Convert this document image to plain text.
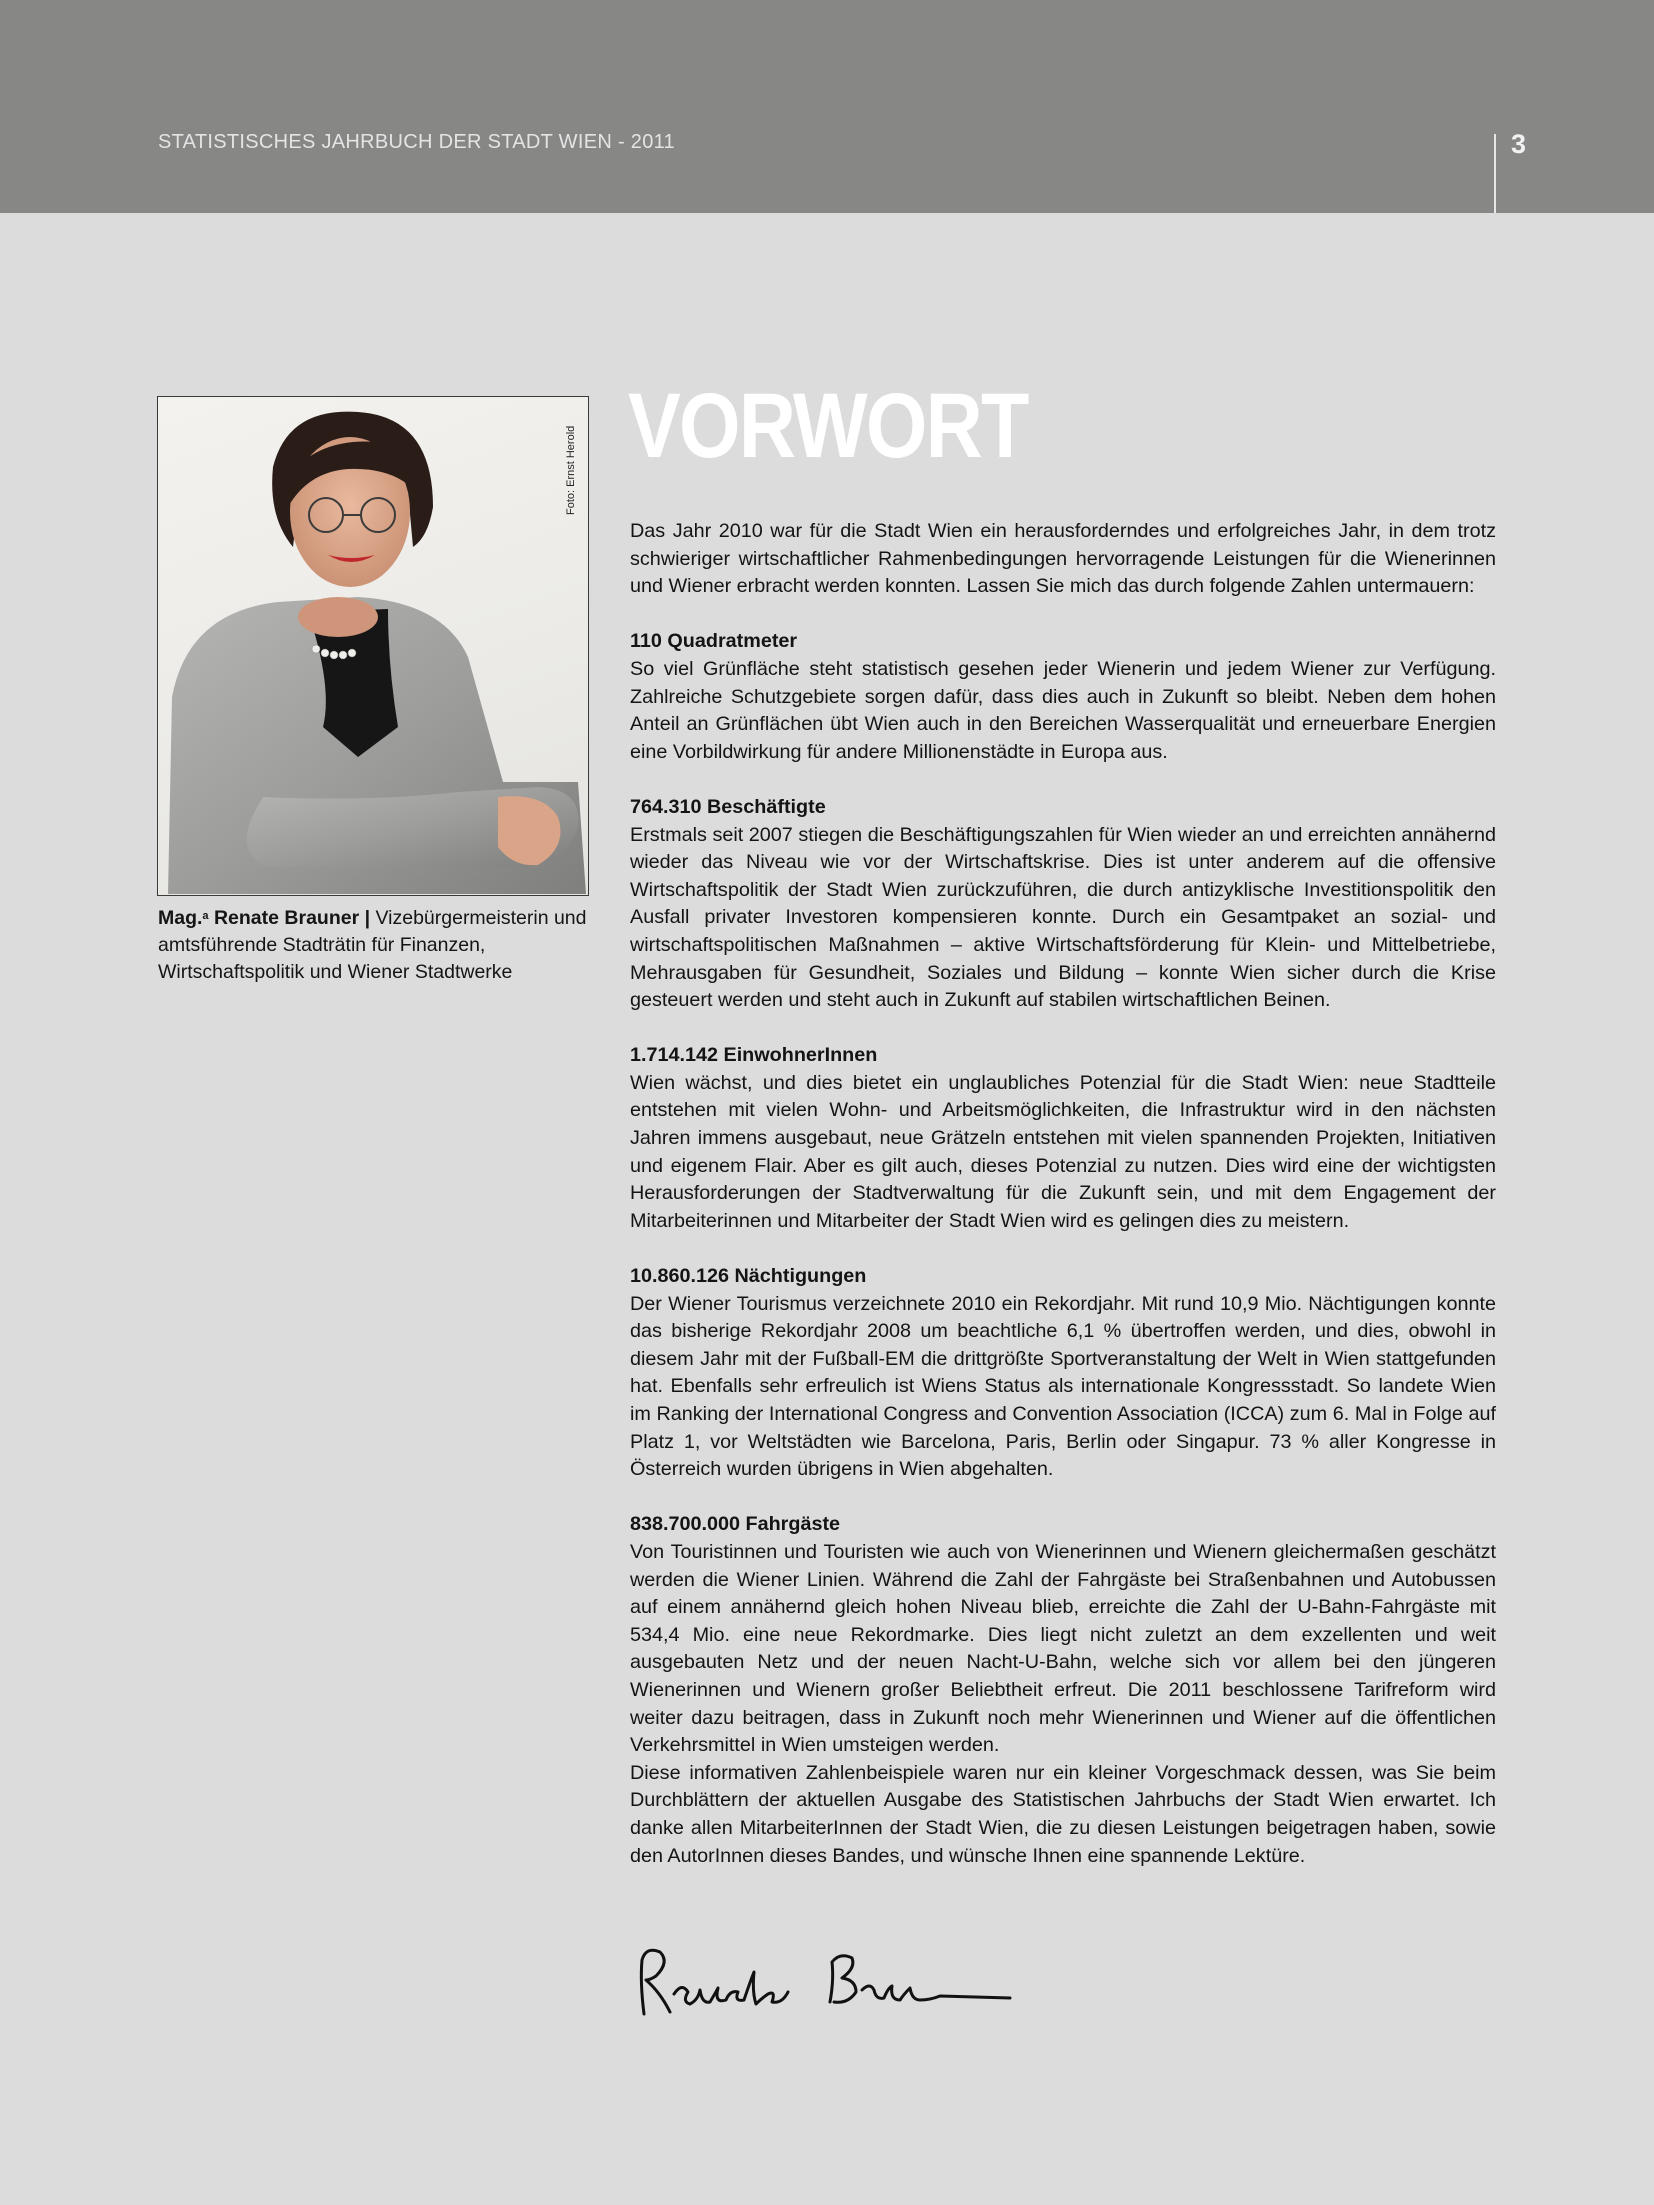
STATISTISCHES JAHRBUCH DER STADT WIEN - 2011	3
Foto: Ernst Herold
Mag.$^a$ Renate Brauner | Vizebürgermeisterin und amtsführende Stadträtin für Finanzen, Wirtschaftspolitik und Wiener Stadtwerke
VORWORT

Das Jahr 2010 war für die Stadt Wien ein herausforderndes und erfolgreiches Jahr, in dem trotz schwieriger wirtschaftlicher Rahmenbedingungen hervorragende Leistungen für die Wienerinnen und Wiener erbracht werden konnten. Lassen Sie mich das durch folgende Zahlen untermauern:

110 Quadratmeter

So viel Grünfläche steht statistisch gesehen jeder Wienerin und jedem Wiener zur Verfügung. Zahlreiche Schutzgebiete sorgen dafür, dass dies auch in Zukunft so bleibt. Neben dem hohen Anteil an Grünflächen übt Wien auch in den Bereichen Wasserqualität und erneuerbare Energien eine Vorbildwirkung für andere Millionenstädte in Europa aus.

764.310 Beschäftigte

Erstmals seit 2007 stiegen die Beschäftigungszahlen für Wien wieder an und erreichten annähernd wieder das Niveau wie vor der Wirtschaftskrise. Dies ist unter anderem auf die offensive Wirtschaftspolitik der Stadt Wien zurückzuführen, die durch antizyklische Investitionspolitik den Ausfall privater Investoren kompensieren konnte. Durch ein Gesamtpaket an sozial- und wirtschaftspolitischen Maßnahmen – aktive Wirtschaftsförderung für Klein- und Mittelbetriebe, Mehrausgaben für Gesundheit, Soziales und Bildung – konnte Wien sicher durch die Krise gesteuert werden und steht auch in Zukunft auf stabilen wirtschaftlichen Beinen.

1.714.142 EinwohnerInnen

Wien wächst, und dies bietet ein unglaubliches Potenzial für die Stadt Wien: neue Stadtteile entstehen mit vielen Wohn- und Arbeitsmöglichkeiten, die Infrastruktur wird in den nächsten Jahren immens ausgebaut, neue Grätzeln entstehen mit vielen spannenden Projekten, Initiativen und eigenem Flair. Aber es gilt auch, dieses Potenzial zu nutzen. Dies wird eine der wichtigsten Herausforderungen der Stadtverwaltung für die Zukunft sein, und mit dem Engagement der Mitarbeiterinnen und Mitarbeiter der Stadt Wien wird es gelingen dies zu meistern.

10.860.126 Nächtigungen

Der Wiener Tourismus verzeichnete 2010 ein Rekordjahr. Mit rund 10,9 Mio. Nächtigungen konnte das bisherige Rekordjahr 2008 um beachtliche 6,1 % übertroffen werden, und dies, obwohl in diesem Jahr mit der Fußball-EM die drittgrößte Sportveranstaltung der Welt in Wien stattgefunden hat. Ebenfalls sehr erfreulich ist Wiens Status als internationale Kongressstadt. So landete Wien im Ranking der International Congress and Convention Association (ICCA) zum 6. Mal in Folge auf Platz 1, vor Weltstädten wie Barcelona, Paris, Berlin oder Singapur. 73 % aller Kongresse in Österreich wurden übrigens in Wien abgehalten.

838.700.000 Fahrgäste

Von Touristinnen und Touristen wie auch von Wienerinnen und Wienern gleichermaßen geschätzt werden die Wiener Linien. Während die Zahl der Fahrgäste bei Straßenbahnen und Autobussen auf einem annähernd gleich hohen Niveau blieb, erreichte die Zahl der U-Bahn-Fahrgäste mit 534,4 Mio. eine neue Rekordmarke. Dies liegt nicht zuletzt an dem exzellenten und weit ausgebauten Netz und der neuen Nacht-U-Bahn, welche sich vor allem bei den jüngeren Wienerinnen und Wienern großer Beliebtheit erfreut. Die 2011 beschlossene Tarifreform wird weiter dazu beitragen, dass in Zukunft noch mehr Wienerinnen und Wiener auf die öffentlichen Verkehrsmittel in Wien umsteigen werden.

Diese informativen Zahlenbeispiele waren nur ein kleiner Vorgeschmack dessen, was Sie beim Durchblättern der aktuellen Ausgabe des Statistischen Jahrbuchs der Stadt Wien erwartet. Ich danke allen MitarbeiterInnen der Stadt Wien, die zu diesen Leistungen beigetragen haben, sowie den AutorInnen dieses Bandes, und wünsche Ihnen eine spannende Lektüre.
